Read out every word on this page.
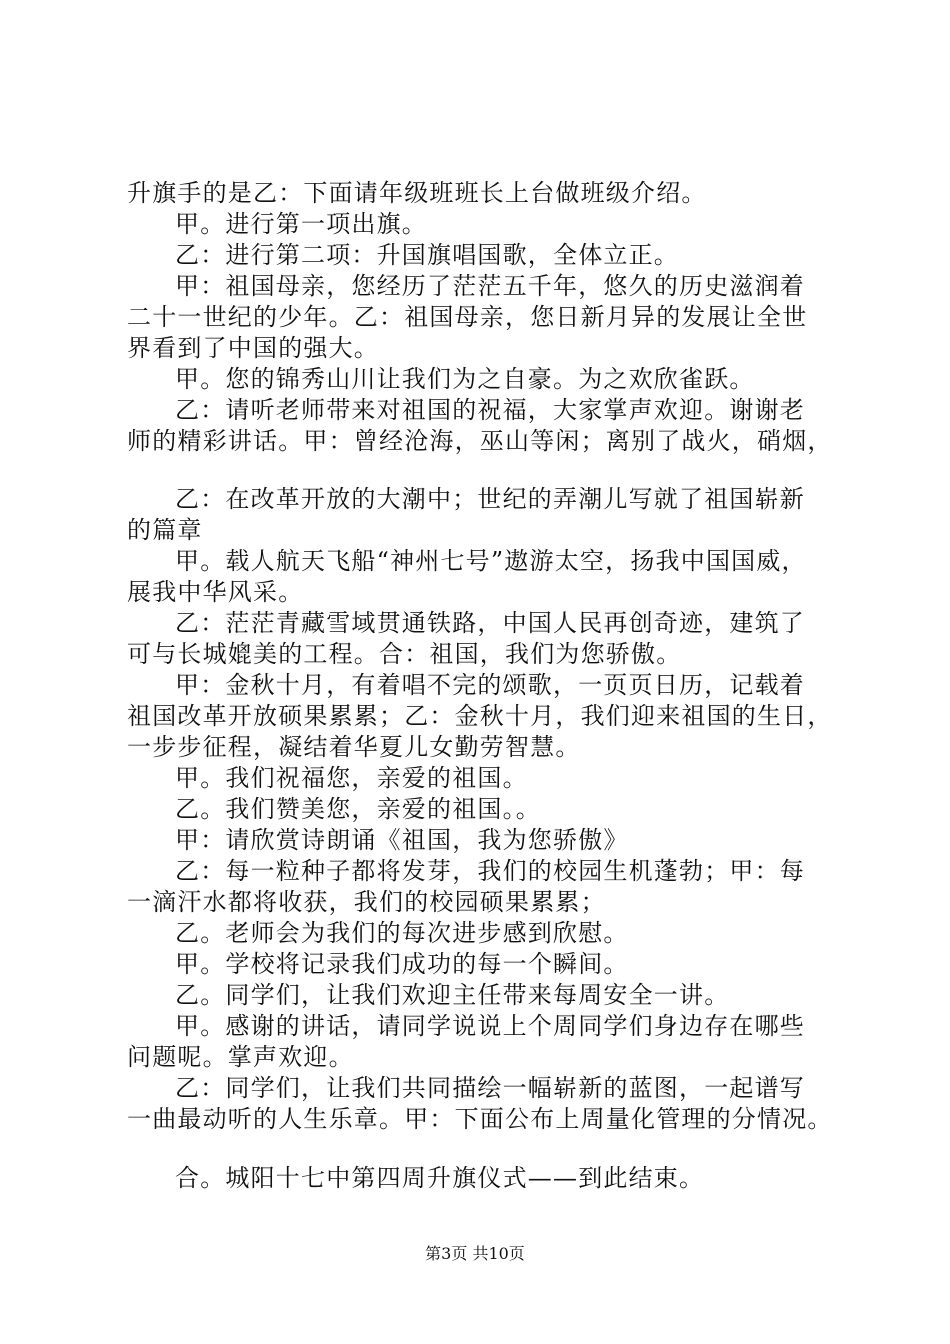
升旗手的是乙：下面请年级班班长上台做班级介绍。
甲。进行第一项出旗。
乙：进行第二项：升国旗唱国歌，全体立正。
甲：祖国母亲，您经历了茫茫五千年，悠久的历史滋润着
二十一世纪的少年。乙：祖国母亲，您日新月异的发展让全世
界看到了中国的强大。
甲。您的锦秀山川让我们为之自豪。为之欢欣雀跃。
乙：请听老师带来对祖国的祝福，大家掌声欢迎。谢谢老
师的精彩讲话。甲：曾经沧海，巫山等闲；离别了战火，硝烟，
乙：在改革开放的大潮中；世纪的弄潮儿写就了祖国崭新
的篇章
甲。载人航天飞船“神州七号”遨游太空，扬我中国国威，
展我中华风采。
乙：茫茫青藏雪域贯通铁路，中国人民再创奇迹，建筑了
可与长城媲美的工程。合：祖国，我们为您骄傲。
甲：金秋十月，有着唱不完的颂歌，一页页日历，记载着
祖国改革开放硕果累累；乙：金秋十月，我们迎来祖国的生日，
一步步征程，凝结着华夏儿女勤劳智慧。
甲。我们祝福您，亲爱的祖国。
乙。我们赞美您，亲爱的祖国。。
甲：请欣赏诗朗诵《祖国，我为您骄傲》
乙：每一粒种子都将发芽，我们的校园生机蓬勃；甲：每
一滴汗水都将收获，我们的校园硕果累累；
乙。老师会为我们的每次进步感到欣慰。
甲。学校将记录我们成功的每一个瞬间。
乙。同学们，让我们欢迎主任带来每周安全一讲。
甲。感谢的讲话，请同学说说上个周同学们身边存在哪些
问题呢。掌声欢迎。
乙：同学们，让我们共同描绘一幅崭新的蓝图，一起谱写
一曲最动听的人生乐章。甲：下面公布上周量化管理的分情况。
合。城阳十七中第四周升旗仪式——到此结束。
第3页 共10页
